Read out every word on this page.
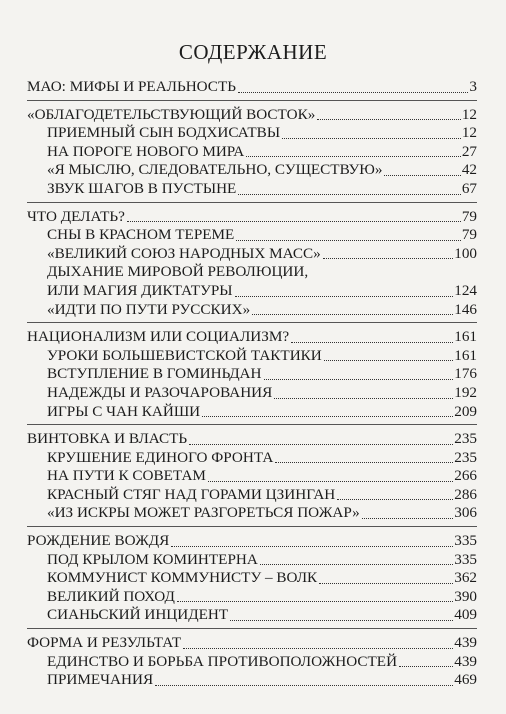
СОДЕРЖАНИЕ
МАО: МИФЫ И РЕАЛЬНОСТЬ	3
«ОБЛАГОДЕТЕЛЬСТВУЮЩИЙ ВОСТОК»	12
ПРИЕМНЫЙ СЫН БОДХИСАТВЫ	12
НА ПОРОГЕ НОВОГО МИРА	27
«Я МЫСЛЮ, СЛЕДОВАТЕЛЬНО, СУЩЕСТВУЮ»	42
ЗВУК ШАГОВ В ПУСТЫНЕ	67
ЧТО ДЕЛАТЬ?	79
СНЫ В КРАСНОМ ТЕРЕМЕ	79
«ВЕЛИКИЙ СОЮЗ НАРОДНЫХ МАСС»	100
ДЫХАНИЕ МИРОВОЙ РЕВОЛЮЦИИ,
ИЛИ МАГИЯ ДИКТАТУРЫ	124
«ИДТИ ПО ПУТИ РУССКИХ»	146
НАЦИОНАЛИЗМ ИЛИ СОЦИАЛИЗМ?	161
УРОКИ БОЛЬШЕВИСТСКОЙ ТАКТИКИ	161
ВСТУПЛЕНИЕ В ГОМИНЬДАН	176
НАДЕЖДЫ И РАЗОЧАРОВАНИЯ	192
ИГРЫ С ЧАН КАЙШИ	209
ВИНТОВКА И ВЛАСТЬ	235
КРУШЕНИЕ ЕДИНОГО ФРОНТА	235
НА ПУТИ К СОВЕТАМ	266
КРАСНЫЙ СТЯГ НАД ГОРАМИ ЦЗИНГАН	286
«ИЗ ИСКРЫ МОЖЕТ РАЗГОРЕТЬСЯ ПОЖАР»	306
РОЖДЕНИЕ ВОЖДЯ	335
ПОД КРЫЛОМ КОМИНТЕРНА	335
КОММУНИСТ КОММУНИСТУ – ВОЛК	362
ВЕЛИКИЙ ПОХОД	390
СИАНЬСКИЙ ИНЦИДЕНТ	409
ФОРМА И РЕЗУЛЬТАТ	439
ЕДИНСТВО И БОРЬБА ПРОТИВОПОЛОЖНОСТЕЙ	439
ПРИМЕЧАНИЯ	469
